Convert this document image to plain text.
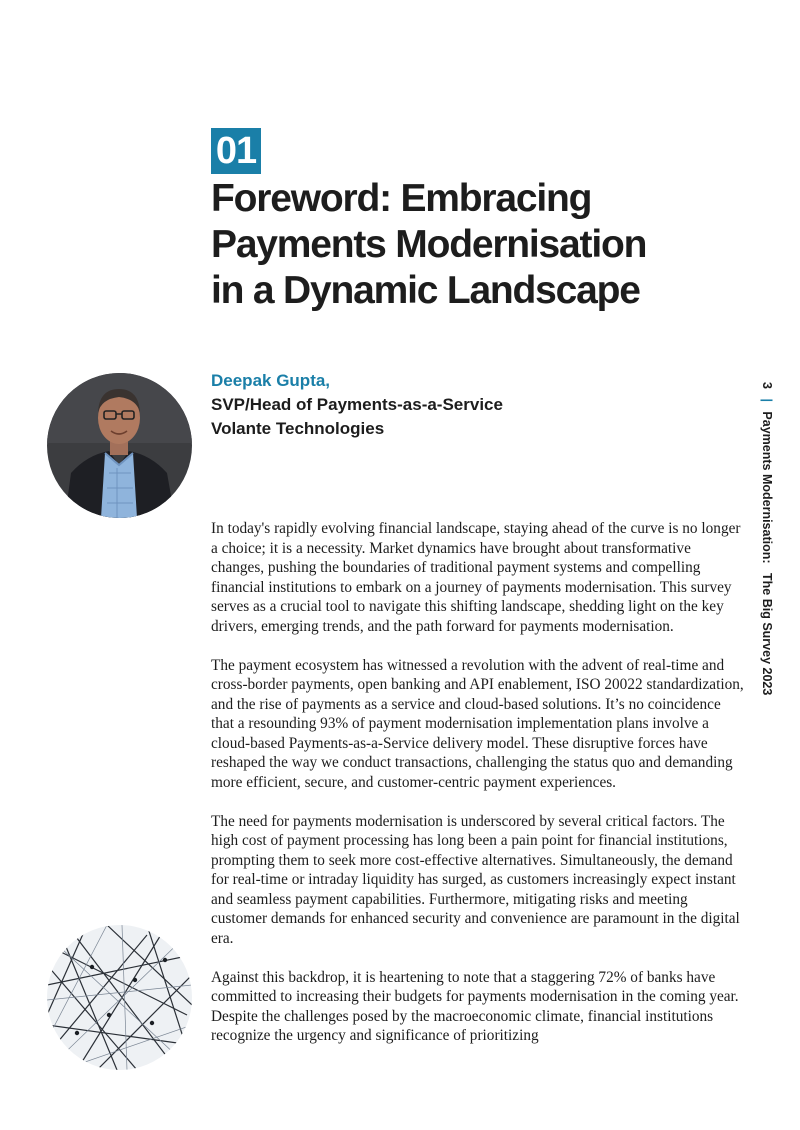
01
Foreword: Embracing
Payments Modernisation
in a Dynamic Landscape
Deepak Gupta,
SVP/Head of Payments-as-a-Service
Volante Technologies

In today's rapidly evolving financial landscape, staying ahead of the curve is no longer a choice; it is a necessity. Market dynamics have brought about transformative changes, pushing the boundaries of traditional payment systems and compelling financial institutions to embark on a journey of payments modernisation. This survey serves as a crucial tool to navigate this shifting landscape, shedding light on the key drivers, emerging trends, and the path forward for payments modernisation.

The payment ecosystem has witnessed a revolution with the advent of real-time and cross-border payments, open banking and API enablement, ISO 20022 standardization, and the rise of payments as a service and cloud-based solutions. It’s no coincidence that a resounding 93% of payment modernisation implementation plans involve a cloud-based Payments-as-a-Service delivery model. These disruptive forces have reshaped the way we conduct transactions, challenging the status quo and demanding more efficient, secure, and customer-centric payment experiences.

The need for payments modernisation is underscored by several critical factors. The high cost of payment processing has long been a pain point for financial institutions, prompting them to seek more cost-effective alternatives. Simultaneously, the demand for real-time or intraday liquidity has surged, as customers increasingly expect instant and seamless payment capabilities. Furthermore, mitigating risks and meeting customer demands for enhanced security and convenience are paramount in the digital era.

Against this backdrop, it is heartening to note that a staggering 72% of banks have committed to increasing their budgets for payments modernisation in the coming year. Despite the challenges posed by the macroeconomic climate, financial institutions recognize the urgency and significance of prioritizing

3 | Payments Modernisation: The Big Survey 2023
